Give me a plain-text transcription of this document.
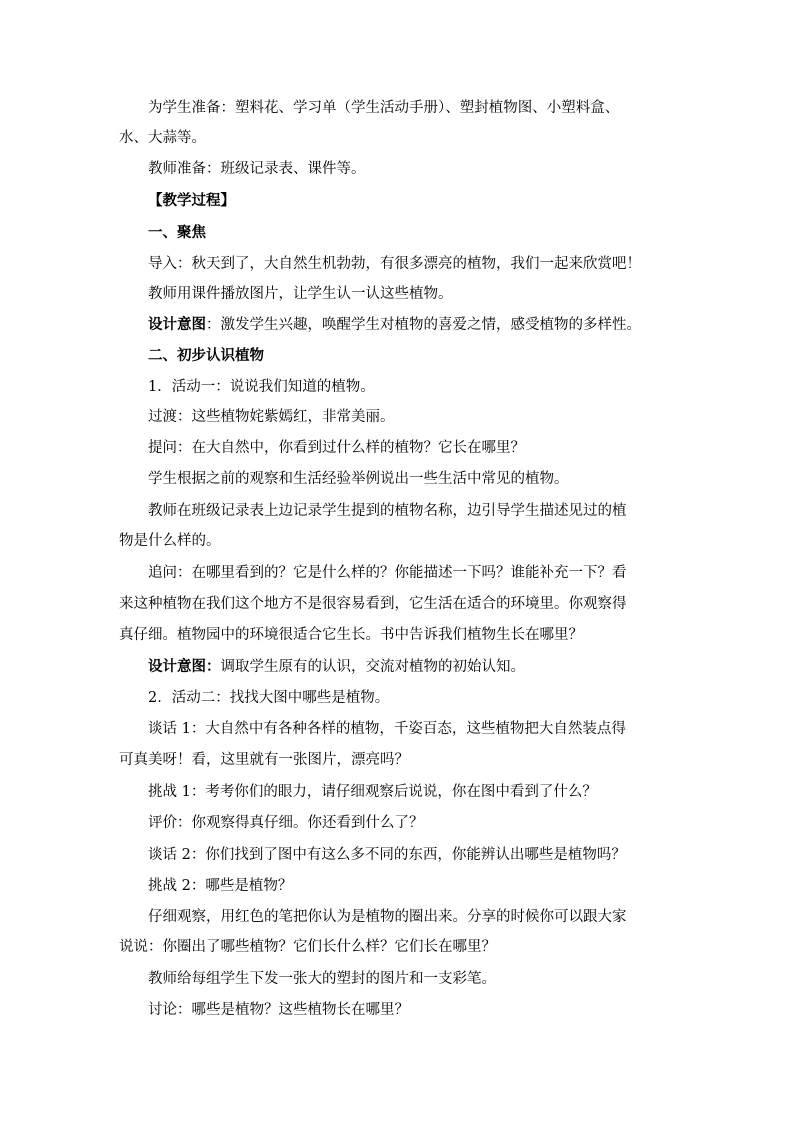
为学生准备：塑料花、学习单（学生活动手册）、塑封植物图、小塑料盒、
水、大蒜等。
教师准备：班级记录表、课件等。
【教学过程】
一、聚焦
导入：秋天到了，大自然生机勃勃，有很多漂亮的植物，我们一起来欣赏吧！
教师用课件播放图片，让学生认一认这些植物。
设计意图：激发学生兴趣，唤醒学生对植物的喜爱之情，感受植物的多样性。
二、初步认识植物
1．活动一：说说我们知道的植物。
过渡：这些植物姹紫嫣红，非常美丽。
提问：在大自然中，你看到过什么样的植物？它长在哪里？
学生根据之前的观察和生活经验举例说出一些生活中常见的植物。
教师在班级记录表上边记录学生提到的植物名称，边引导学生描述见过的植
物是什么样的。
追问：在哪里看到的？它是什么样的？你能描述一下吗？谁能补充一下？看
来这种植物在我们这个地方不是很容易看到，它生活在适合的环境里。你观察得
真仔细。植物园中的环境很适合它生长。书中告诉我们植物生长在哪里？
设计意图：调取学生原有的认识，交流对植物的初始认知。
2．活动二：找找大图中哪些是植物。
谈话 1：大自然中有各种各样的植物，千姿百态，这些植物把大自然装点得
可真美呀！看，这里就有一张图片，漂亮吗？
挑战 1：考考你们的眼力，请仔细观察后说说，你在图中看到了什么？
评价：你观察得真仔细。你还看到什么了？
谈话 2：你们找到了图中有这么多不同的东西，你能辨认出哪些是植物吗？
挑战 2：哪些是植物？
仔细观察，用红色的笔把你认为是植物的圈出来。分享的时候你可以跟大家
说说：你圈出了哪些植物？它们长什么样？它们长在哪里？
教师给每组学生下发一张大的塑封的图片和一支彩笔。
讨论：哪些是植物？这些植物长在哪里？
